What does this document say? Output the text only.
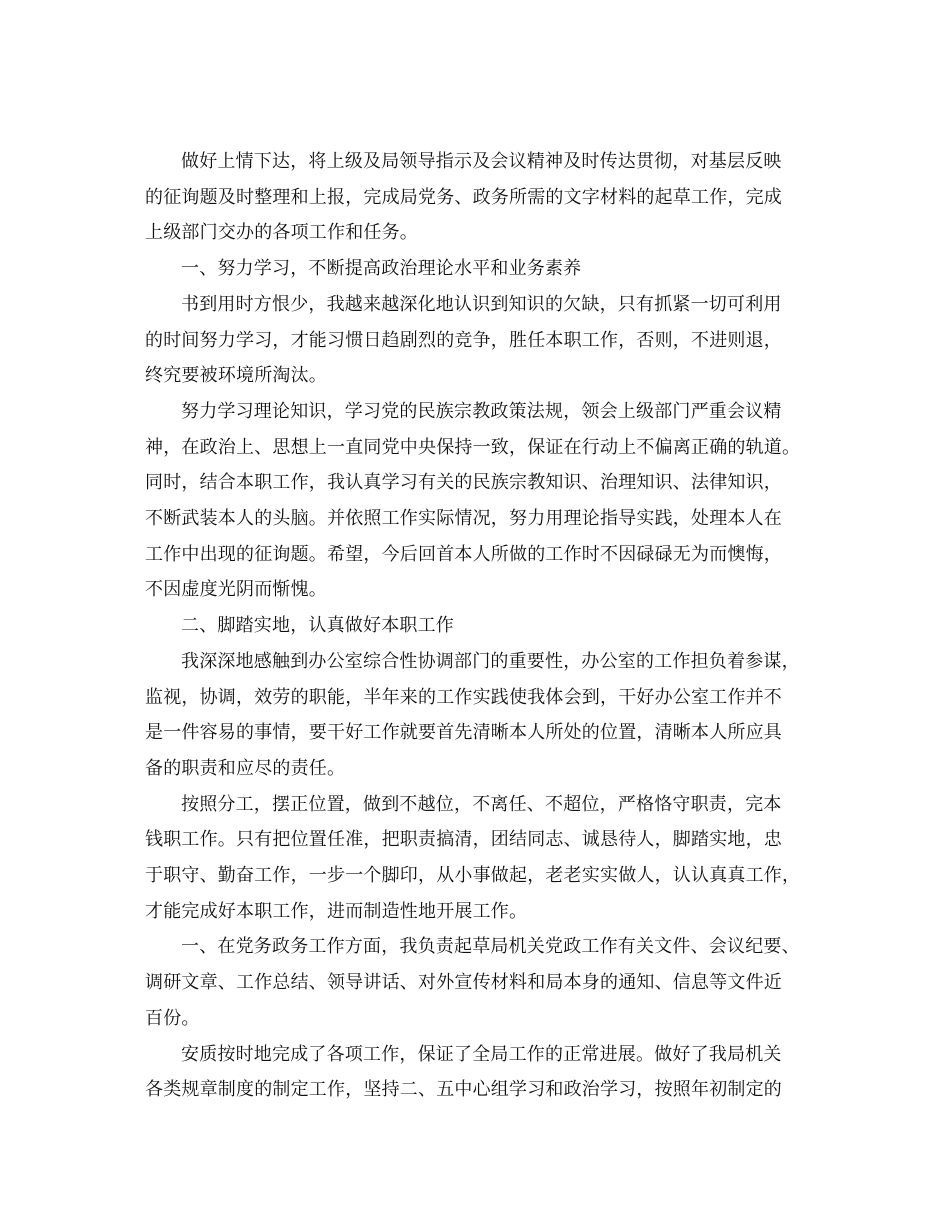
做好上情下达，将上级及局领导指示及会议精神及时传达贯彻，对基层反映
的征询题及时整理和上报，完成局党务、政务所需的文字材料的起草工作，完成
上级部门交办的各项工作和任务。

一、努力学习，不断提高政治理论水平和业务素养

书到用时方恨少，我越来越深化地认识到知识的欠缺，只有抓紧一切可利用
的时间努力学习，才能习惯日趋剧烈的竞争，胜任本职工作，否则，不进则退，
终究要被环境所淘汰。

努力学习理论知识，学习党的民族宗教政策法规，领会上级部门严重会议精
神，在政治上、思想上一直同党中央保持一致，保证在行动上不偏离正确的轨道。
同时，结合本职工作，我认真学习有关的民族宗教知识、治理知识、法律知识，
不断武装本人的头脑。并依照工作实际情况，努力用理论指导实践，处理本人在
工作中出现的征询题。希望，今后回首本人所做的工作时不因碌碌无为而懊悔，
不因虚度光阴而惭愧。

二、脚踏实地，认真做好本职工作

我深深地感触到办公室综合性协调部门的重要性，办公室的工作担负着参谋，
监视，协调，效劳的职能，半年来的工作实践使我体会到，干好办公室工作并不
是一件容易的事情，要干好工作就要首先清晰本人所处的位置，清晰本人所应具
备的职责和应尽的责任。

按照分工，摆正位置，做到不越位，不离任、不超位，严格恪守职责，完本
钱职工作。只有把位置任准，把职责搞清，团结同志、诚恳待人，脚踏实地，忠
于职守、勤奋工作，一步一个脚印，从小事做起，老老实实做人，认认真真工作，
才能完成好本职工作，进而制造性地开展工作。

一、在党务政务工作方面，我负责起草局机关党政工作有关文件、会议纪要、
调研文章、工作总结、领导讲话、对外宣传材料和局本身的通知、信息等文件近
百份。

安质按时地完成了各项工作，保证了全局工作的正常进展。做好了我局机关
各类规章制度的制定工作，坚持二、五中心组学习和政治学习，按照年初制定的
